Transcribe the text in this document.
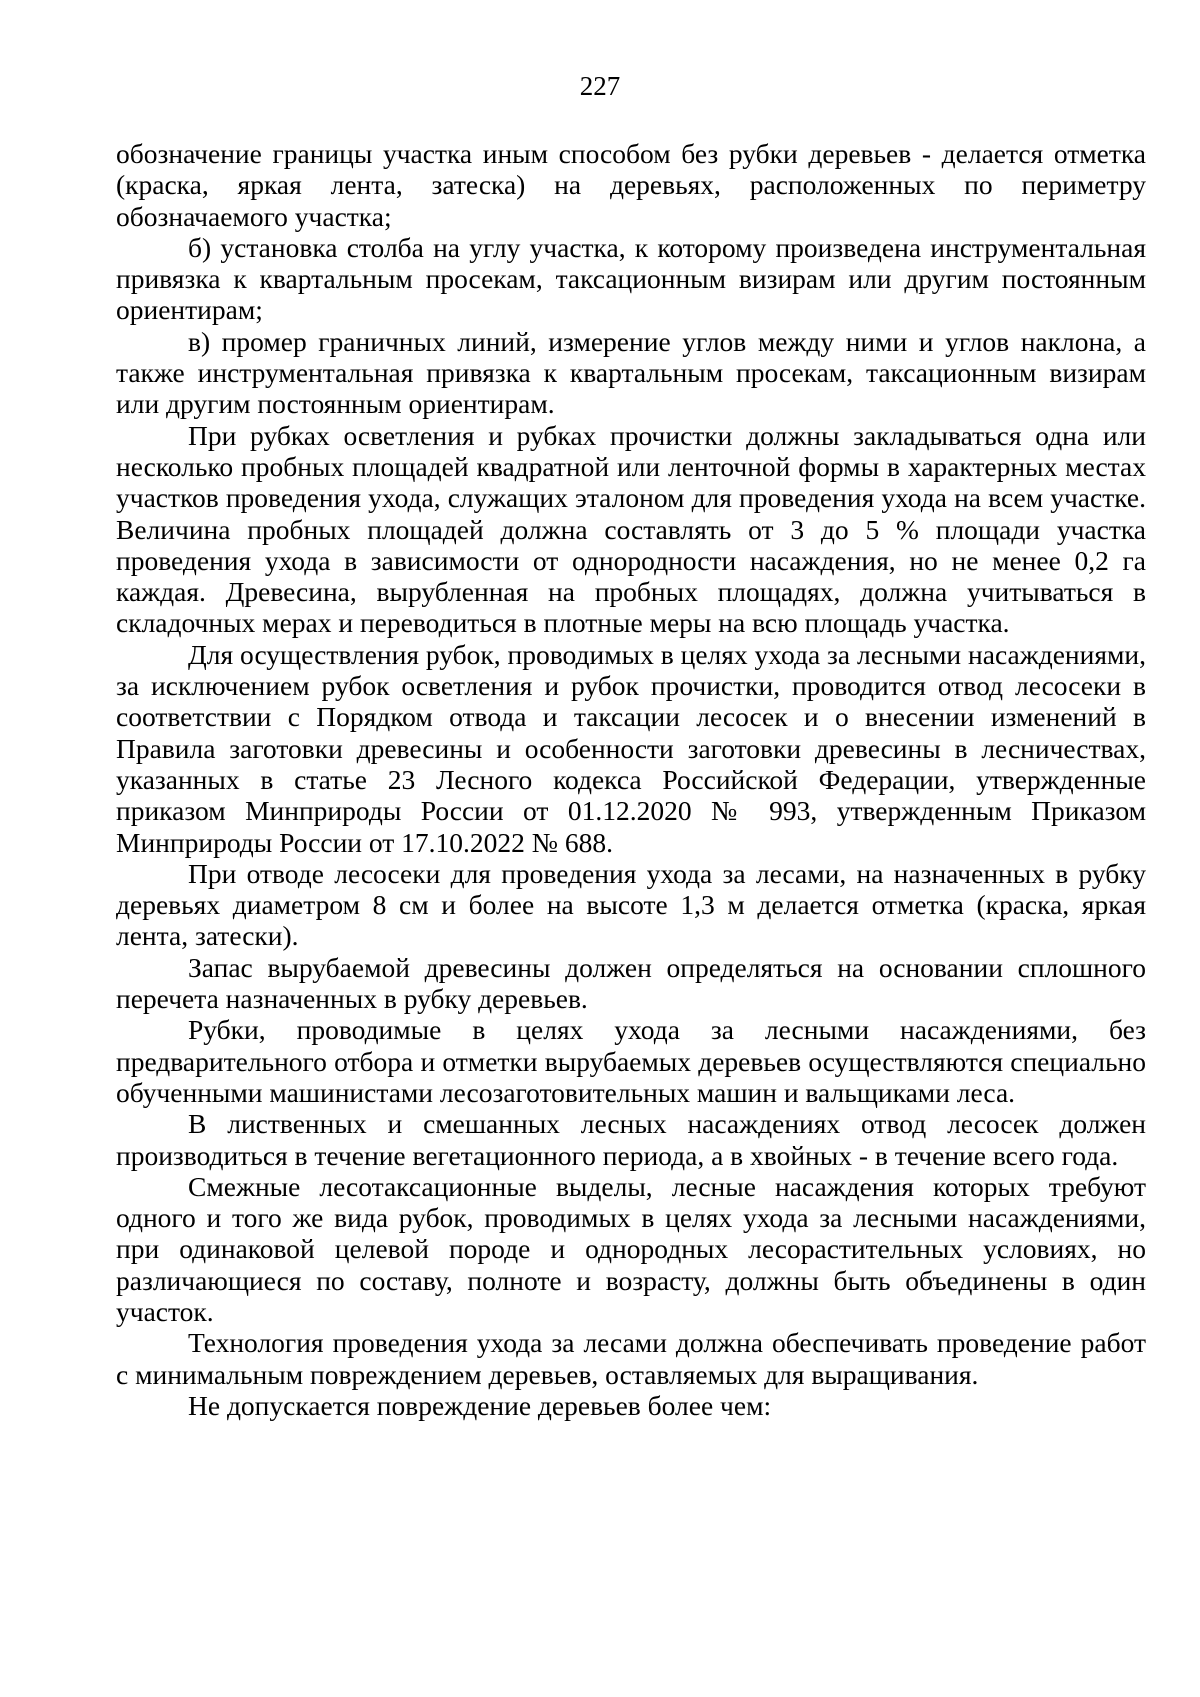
227

обозначение границы участка иным способом без рубки деревьев - делается отметка (краска, яркая лента, затеска) на деревьях, расположенных по периметру обозначаемого участка;

б) установка столба на углу участка, к которому произведена инструментальная привязка к квартальным просекам, таксационным визирам или другим постоянным ориентирам;

в) промер граничных линий, измерение углов между ними и углов наклона, а также инструментальная привязка к квартальным просекам, таксационным визирам или другим постоянным ориентирам.

При рубках осветления и рубках прочистки должны закладываться одна или несколько пробных площадей квадратной или ленточной формы в характерных местах участков проведения ухода, служащих эталоном для проведения ухода на всем участке. Величина пробных площадей должна составлять от 3 до 5 % площади участка проведения ухода в зависимости от однородности насаждения, но не менее 0,2 га каждая. Древесина, вырубленная на пробных площадях, должна учитываться в складочных мерах и переводиться в плотные меры на всю площадь участка.

Для осуществления рубок, проводимых в целях ухода за лесными насаждениями, за исключением рубок осветления и рубок прочистки, проводится отвод лесосеки в соответствии с Порядком отвода и таксации лесосек и о внесении изменений в Правила заготовки древесины и особенности заготовки древесины в лесничествах, указанных в статье 23 Лесного кодекса Российской Федерации, утвержденные приказом Минприроды России от 01.12.2020 № 993, утвержденным Приказом Минприроды России от 17.10.2022 № 688.

При отводе лесосеки для проведения ухода за лесами, на назначенных в рубку деревьях диаметром 8 см и более на высоте 1,3 м делается отметка (краска, яркая лента, затески).

Запас вырубаемой древесины должен определяться на основании сплошного перечета назначенных в рубку деревьев.

Рубки, проводимые в целях ухода за лесными насаждениями, без предварительного отбора и отметки вырубаемых деревьев осуществляются специально обученными машинистами лесозаготовительных машин и вальщиками леса.

В лиственных и смешанных лесных насаждениях отвод лесосек должен производиться в течение вегетационного периода, а в хвойных - в течение всего года.

Смежные лесотаксационные выделы, лесные насаждения которых требуют одного и того же вида рубок, проводимых в целях ухода за лесными насаждениями, при одинаковой целевой породе и однородных лесорастительных условиях, но различающиеся по составу, полноте и возрасту, должны быть объединены в один участок.

Технология проведения ухода за лесами должна обеспечивать проведение работ с минимальным повреждением деревьев, оставляемых для выращивания.

Не допускается повреждение деревьев более чем:
